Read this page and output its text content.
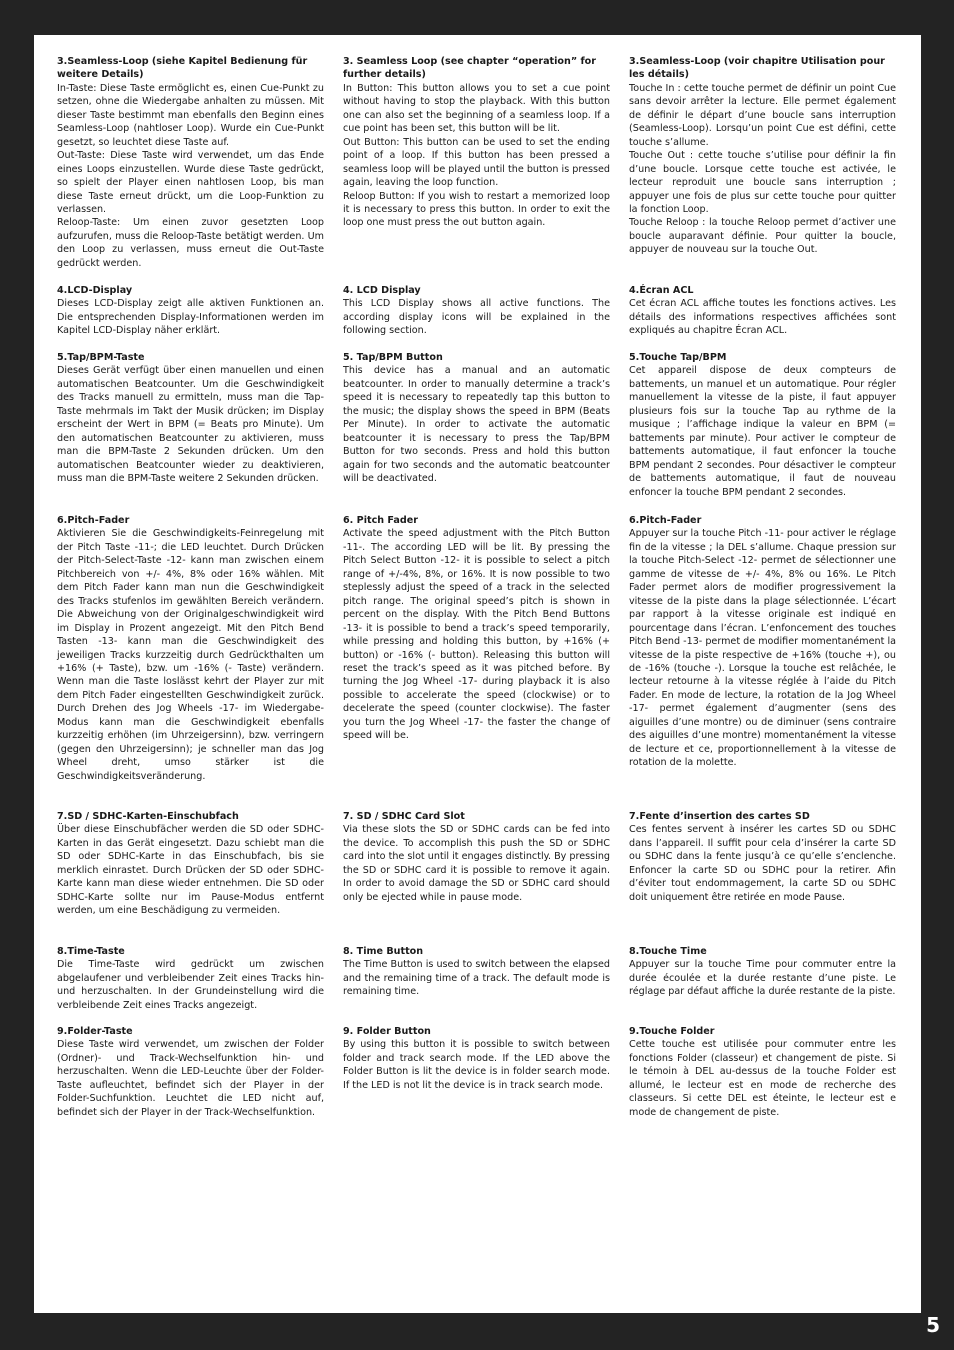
3.Seamless-Loop (siehe Kapitel Bedienung für weitere Details)

In-Taste: Diese Taste ermöglicht es, einen Cue-Punkt zu setzen, ohne die Wiedergabe anhalten zu müssen. Mit dieser Taste bestimmt man ebenfalls den Beginn eines Seamless-Loop (nahtloser Loop). Wurde ein Cue-Punkt gesetzt, so leuchtet diese Taste auf.
Out-Taste: Diese Taste wird verwendet, um das Ende eines Loops einzustellen. Wurde diese Taste gedrückt, so spielt der Player einen nahtlosen Loop, bis man diese Taste erneut drückt, um die Loop-Funktion zu verlassen.
Reloop-Taste: Um einen zuvor gesetzten Loop aufzurufen, muss die Reloop-Taste betätigt werden. Um den Loop zu verlassen, muss erneut die Out-Taste gedrückt werden.

4.LCD-Display

Dieses LCD-Display zeigt alle aktiven Funktionen an. Die entsprechenden Display-Informationen werden im Kapitel LCD-Display näher erklärt.

5.Tap/BPM-Taste

Dieses Gerät verfügt über einen manuellen und einen automatischen Beatcounter. Um die Geschwindigkeit des Tracks manuell zu ermitteln, muss man die Tap-Taste mehrmals im Takt der Musik drücken; im Display erscheint der Wert in BPM (= Beats pro Minute). Um den automatischen Beatcounter zu aktivieren, muss man die BPM-Taste 2 Sekunden drücken. Um den automatischen Beatcounter wieder zu deaktivieren, muss man die BPM-Taste weitere 2 Sekunden drücken.

6.Pitch-Fader

Aktivieren Sie die Geschwindigkeits-Feinregelung mit der Pitch Taste -11-; die LED leuchtet. Durch Drücken der Pitch-Select-Taste -12- kann man zwischen einem Pitchbereich von +/- 4%, 8% oder 16% wählen. Mit dem Pitch Fader kann man nun die Geschwindigkeit des Tracks stufenlos im gewählten Bereich verändern. Die Abweichung von der Originalgeschwindigkeit wird im Display in Prozent angezeigt. Mit den Pitch Bend Tasten -13- kann man die Geschwindigkeit des jeweiligen Tracks kurzzeitig durch Gedrückthalten um +16% (+ Taste), bzw. um -16% (- Taste) verändern. Wenn man die Taste loslässt kehrt der Player zur mit dem Pitch Fader eingestellten Geschwindigkeit zurück. Durch Drehen des Jog Wheels -17- im Wiedergabe-Modus kann man die Geschwindigkeit ebenfalls kurzzeitig erhöhen (im Uhrzeigersinn), bzw. verringern (gegen den Uhrzeigersinn); je schneller man das Jog Wheel dreht, umso stärker ist die Geschwindigkeitsveränderung.

7.SD / SDHC-Karten-Einschubfach

Über diese Einschubfächer werden die SD oder SDHC-Karten in das Gerät eingesetzt. Dazu schiebt man die SD oder SDHC-Karte in das Einschubfach, bis sie merklich einrastet. Durch Drücken der SD oder SDHC-Karte kann man diese wieder entnehmen. Die SD oder SDHC-Karte sollte nur im Pause-Modus entfernt werden, um eine Beschädigung zu vermeiden.

8.Time-Taste

Die Time-Taste wird gedrückt um zwischen abgelaufener und verbleibender Zeit eines Tracks hin- und herzuschalten. In der Grundeinstellung wird die verbleibende Zeit eines Tracks angezeigt.

9.Folder-Taste

Diese Taste wird verwendet, um zwischen der Folder (Ordner)- und Track-Wechselfunktion hin- und herzuschalten. Wenn die LED-Leuchte über der Folder-Taste aufleuchtet, befindet sich der Player in der Folder-Suchfunktion. Leuchtet die LED nicht auf, befindet sich der Player in der Track-Wechselfunktion.

3. Seamless Loop (see chapter “operation” for further details)

In Button: This button allows you to set a cue point without having to stop the playback. With this button one can also set the beginning of a seamless loop. If a cue point has been set, this button will be lit.
Out Button: This button can be used to set the ending point of a loop. If this button has been pressed a seamless loop will be played until the button is pressed again, leaving the loop function.
Reloop Button: If you wish to restart a memorized loop it is necessary to press this button. In order to exit the loop one must press the out button again.

4. LCD Display

This LCD Display shows all active functions. The according display icons will be explained in the following section.

5. Tap/BPM Button

This device has a manual and an automatic beatcounter. In order to manually determine a track’s speed it is necessary to repeatedly tap this button to the music; the display shows the speed in BPM (Beats Per Minute). In order to activate the automatic beatcounter it is necessary to press the Tap/BPM Button for two seconds. Press and hold this button again for two seconds and the automatic beatcounter will be deactivated.

6. Pitch Fader

Activate the speed adjustment with the Pitch Button -11-. The according LED will be lit. By pressing the Pitch Select Button -12- it is possible to select a pitch range of +/-4%, 8%, or 16%. It is now possible to two steplessly adjust the speed of a track in the selected pitch range. The original speed’s pitch is shown in percent on the display. With the Pitch Bend Buttons -13- it is possible to bend a track’s speed temporarily, while pressing and holding this button, by +16% (+ button) or -16% (- button). Releasing this button will reset the track’s speed as it was pitched before. By turning the Jog Wheel -17- during playback it is also possible to accelerate the speed (clockwise) or to decelerate the speed (counter clockwise). The faster you turn the Jog Wheel -17- the faster the change of speed will be.

7. SD / SDHC Card Slot

Via these slots the SD or SDHC cards can be fed into the device. To accomplish this push the SD or SDHC card into the slot until it engages distinctly. By pressing the SD or SDHC card it is possible to remove it again. In order to avoid damage the SD or SDHC card should only be ejected while in pause mode.

8. Time Button

The Time Button is used to switch between the elapsed and the remaining time of a track. The default mode is remaining time.

9. Folder Button

By using this button it is possible to switch between folder and track search mode. If the LED above the Folder Button is lit the device is in folder search mode. If the LED is not lit the device is in track search mode.

3.Seamless-Loop (voir chapitre Utilisation pour les détails)

Touche In : cette touche permet de définir un point Cue sans devoir arrêter la lecture. Elle permet également de définir le départ d’une boucle sans interruption (Seamless-Loop). Lorsqu’un point Cue est défini, cette touche s’allume.
Touche Out : cette touche s’utilise pour définir la fin d’une boucle. Lorsque cette touche est activée, le lecteur reproduit une boucle sans interruption ; appuyer une fois de plus sur cette touche pour quitter la fonction Loop.
Touche Reloop : la touche Reloop permet d’activer une boucle auparavant définie. Pour quitter la boucle, appuyer de nouveau sur la touche Out.

4.Écran ACL

Cet écran ACL affiche toutes les fonctions actives. Les détails des informations respectives affichées sont expliqués au chapitre Écran ACL.

5.Touche Tap/BPM

Cet appareil dispose de deux compteurs de battements, un manuel et un automatique. Pour régler manuellement la vitesse de la piste, il faut appuyer plusieurs fois sur la touche Tap au rythme de la musique ; l’affichage indique la valeur en BPM (= battements par minute). Pour activer le compteur de battements automatique, il faut enfoncer la touche BPM pendant 2 secondes. Pour désactiver le compteur de battements automatique, il faut de nouveau enfoncer la touche BPM pendant 2 secondes.

6.Pitch-Fader

Appuyer sur la touche Pitch -11- pour activer le réglage fin de la vitesse ; la DEL s’allume. Chaque pression sur la touche Pitch-Select -12- permet de sélectionner une gamme de vitesse de +/- 4%, 8% ou 16%. Le Pitch Fader permet alors de modifier progressivement la vitesse de la piste dans la plage sélectionnée. L’écart par rapport à la vitesse originale est indiqué en pourcentage dans l’écran. L’enfoncement des touches Pitch Bend -13- permet de modifier momentanément la vitesse de la piste respective de +16% (touche +), ou de -16% (touche -). Lorsque la touche est relâchée, le lecteur retourne à la vitesse réglée à l’aide du Pitch Fader. En mode de lecture, la rotation de la Jog Wheel -17- permet également d’augmenter (sens des aiguilles d’une montre) ou de diminuer (sens contraire des aiguilles d’une montre) momentanément la vitesse de lecture et ce, proportionnellement à la vitesse de rotation de la molette.

7.Fente d’insertion des cartes SD

Ces fentes servent à insérer les cartes SD ou SDHC dans l’appareil. Il suffit pour cela d’insérer la carte SD ou SDHC dans la fente jusqu’à ce qu’elle s’enclenche. Enfoncer la carte SD ou SDHC pour la retirer. Afin d’éviter tout endommagement, la carte SD ou SDHC doit uniquement être retirée en mode Pause.

8.Touche Time

Appuyer sur la touche Time pour commuter entre la durée écoulée et la durée restante d’une piste. Le réglage par défaut affiche la durée restante de la piste.

9.Touche Folder

Cette touche est utilisée pour commuter entre les fonctions Folder (classeur) et changement de piste. Si le témoin à DEL au-dessus de la touche Folder est allumé, le lecteur est en mode de recherche des classeurs. Si cette DEL est éteinte, le lecteur est e mode de changement de piste.

5
